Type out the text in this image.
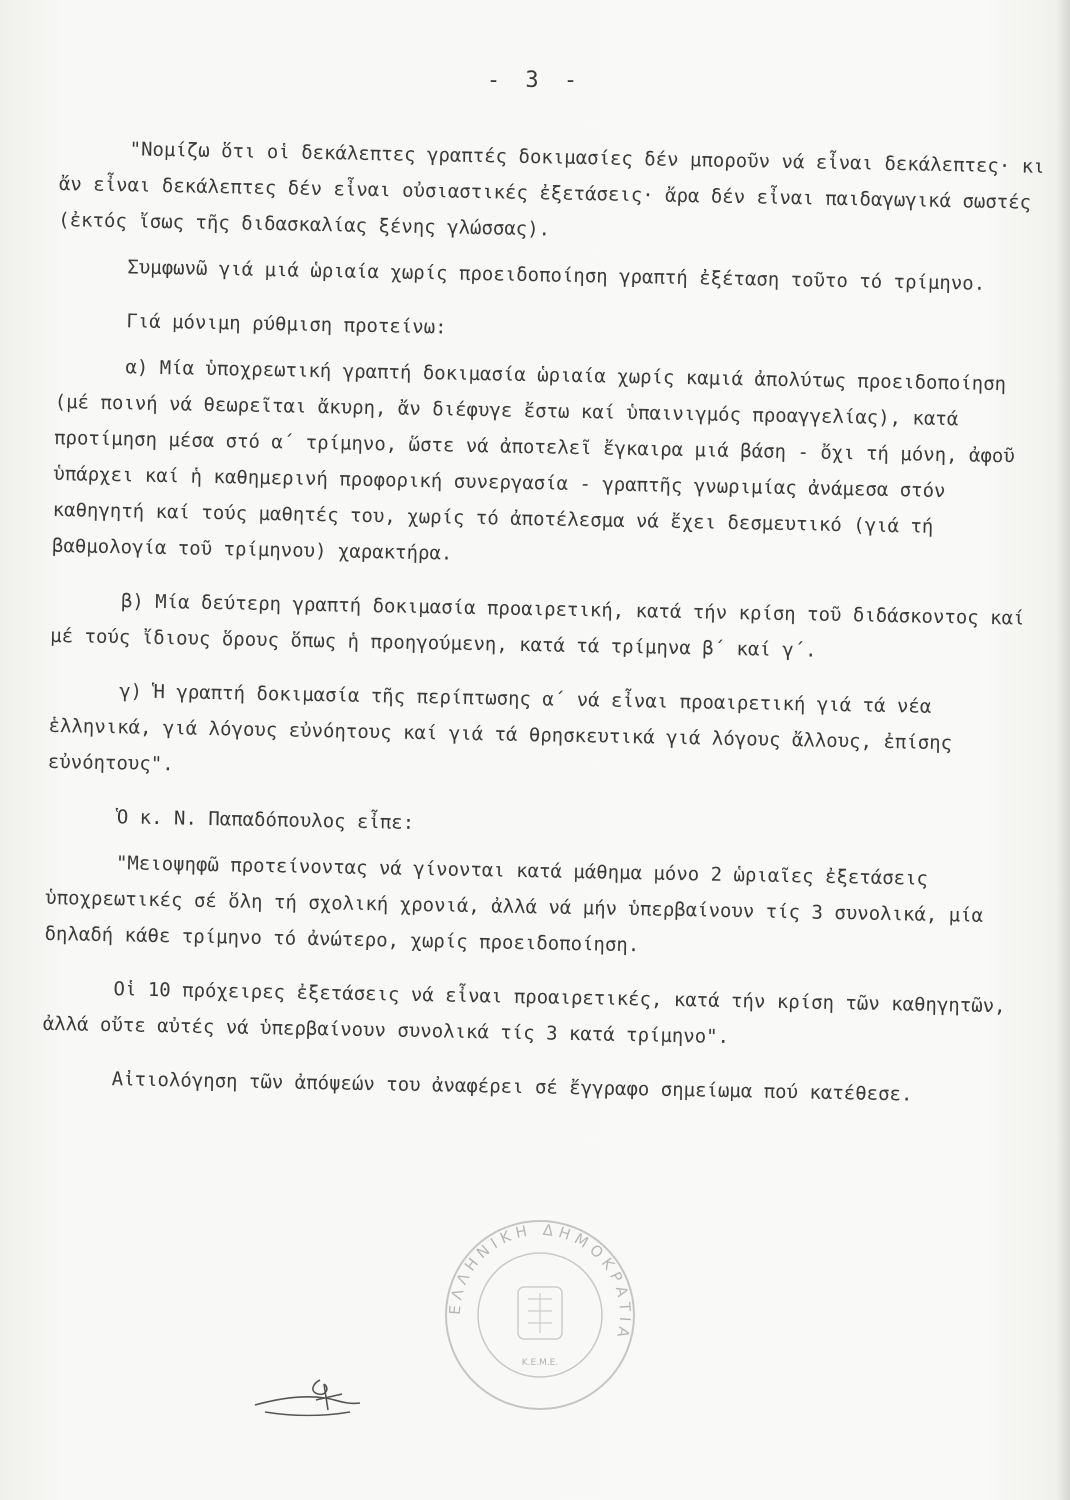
- 3 -

"Νομίζω ὅτι οἱ δεκάλεπτες γραπτές δοκιμασίες δέν μποροῦν νά εἶναι δεκάλεπτες· κι ἄν εἶναι δεκάλεπτες δέν εἶναι οὐσιαστικές ἐξετάσεις· ἄρα δέν εἶναι παιδαγωγικά σωστές (ἐκτός ἴσως τῆς διδασκαλίας ξένης γλώσσας).

Συμφωνῶ γιά μιά ὡριαία χωρίς προειδοποίηση γραπτή ἐξέταση τοῦτο τό τρίμηνο.

Γιά μόνιμη ρύθμιση προτείνω:

α) Μία ὑποχρεωτική γραπτή δοκιμασία ὡριαία χωρίς καμιά ἀπολύτως προειδοποίηση (μέ ποινή νά θεωρεῖται ἄκυρη, ἄν διέφυγε ἔστω καί ὑπαινιγμός προαγγελίας), κατά προτίμηση μέσα στό α΄ τρίμηνο, ὥστε νά ἀποτελεῖ ἔγκαιρα μιά βάση - ὄχι τή μόνη, ἀφοῦ ὑπάρχει καί ἡ καθημερινή προφορική συνεργασία - γραπτῆς γνωριμίας ἀνάμεσα στόν καθηγητή καί τούς μαθητές του, χωρίς τό ἀποτέλεσμα νά ἔχει δεσμευτικό (γιά τή βαθμολογία τοῦ τρίμηνου) χαρακτήρα.

β) Μία δεύτερη γραπτή δοκιμασία προαιρετική, κατά τήν κρίση τοῦ διδάσκοντος καί μέ τούς ἴδιους ὅρους ὅπως ἡ προηγούμενη, κατά τά τρίμηνα β΄ καί γ΄.

γ) Ἡ γραπτή δοκιμασία τῆς περίπτωσης α΄ νά εἶναι προαιρετική γιά τά νέα ἑλληνικά, γιά λόγους εὐνόητους καί γιά τά θρησκευτικά γιά λόγους ἄλλους, ἐπίσης εὐνόητους".

Ὁ κ. Ν. Παπαδόπουλος εἶπε:

"Μειοψηφῶ προτείνοντας νά γίνονται κατά μάθημα μόνο 2 ὡριαῖες ἐξετάσεις ὑποχρεωτικές σέ ὅλη τή σχολική χρονιά, ἀλλά νά μήν ὑπερβαίνουν τίς 3 συνολικά, μία δηλαδή κάθε τρίμηνο τό ἀνώτερο, χωρίς προειδοποίηση.

Οἱ 10 πρόχειρες ἐξετάσεις νά εἶναι προαιρετικές, κατά τήν κρίση τῶν καθηγητῶν, ἀλλά οὔτε αὐτές νά ὑπερβαίνουν συνολικά τίς 3 κατά τρίμηνο".

Αἰτιολόγηση τῶν ἀπόψεών του ἀναφέρει σέ ἔγγραφο σημείωμα πού κατέθεσε.

ΕΛΛΗΝΙΚΗ ΔΗΜΟΚΡΑΤΙΑ
Κ.Ε.Μ.Ε.
